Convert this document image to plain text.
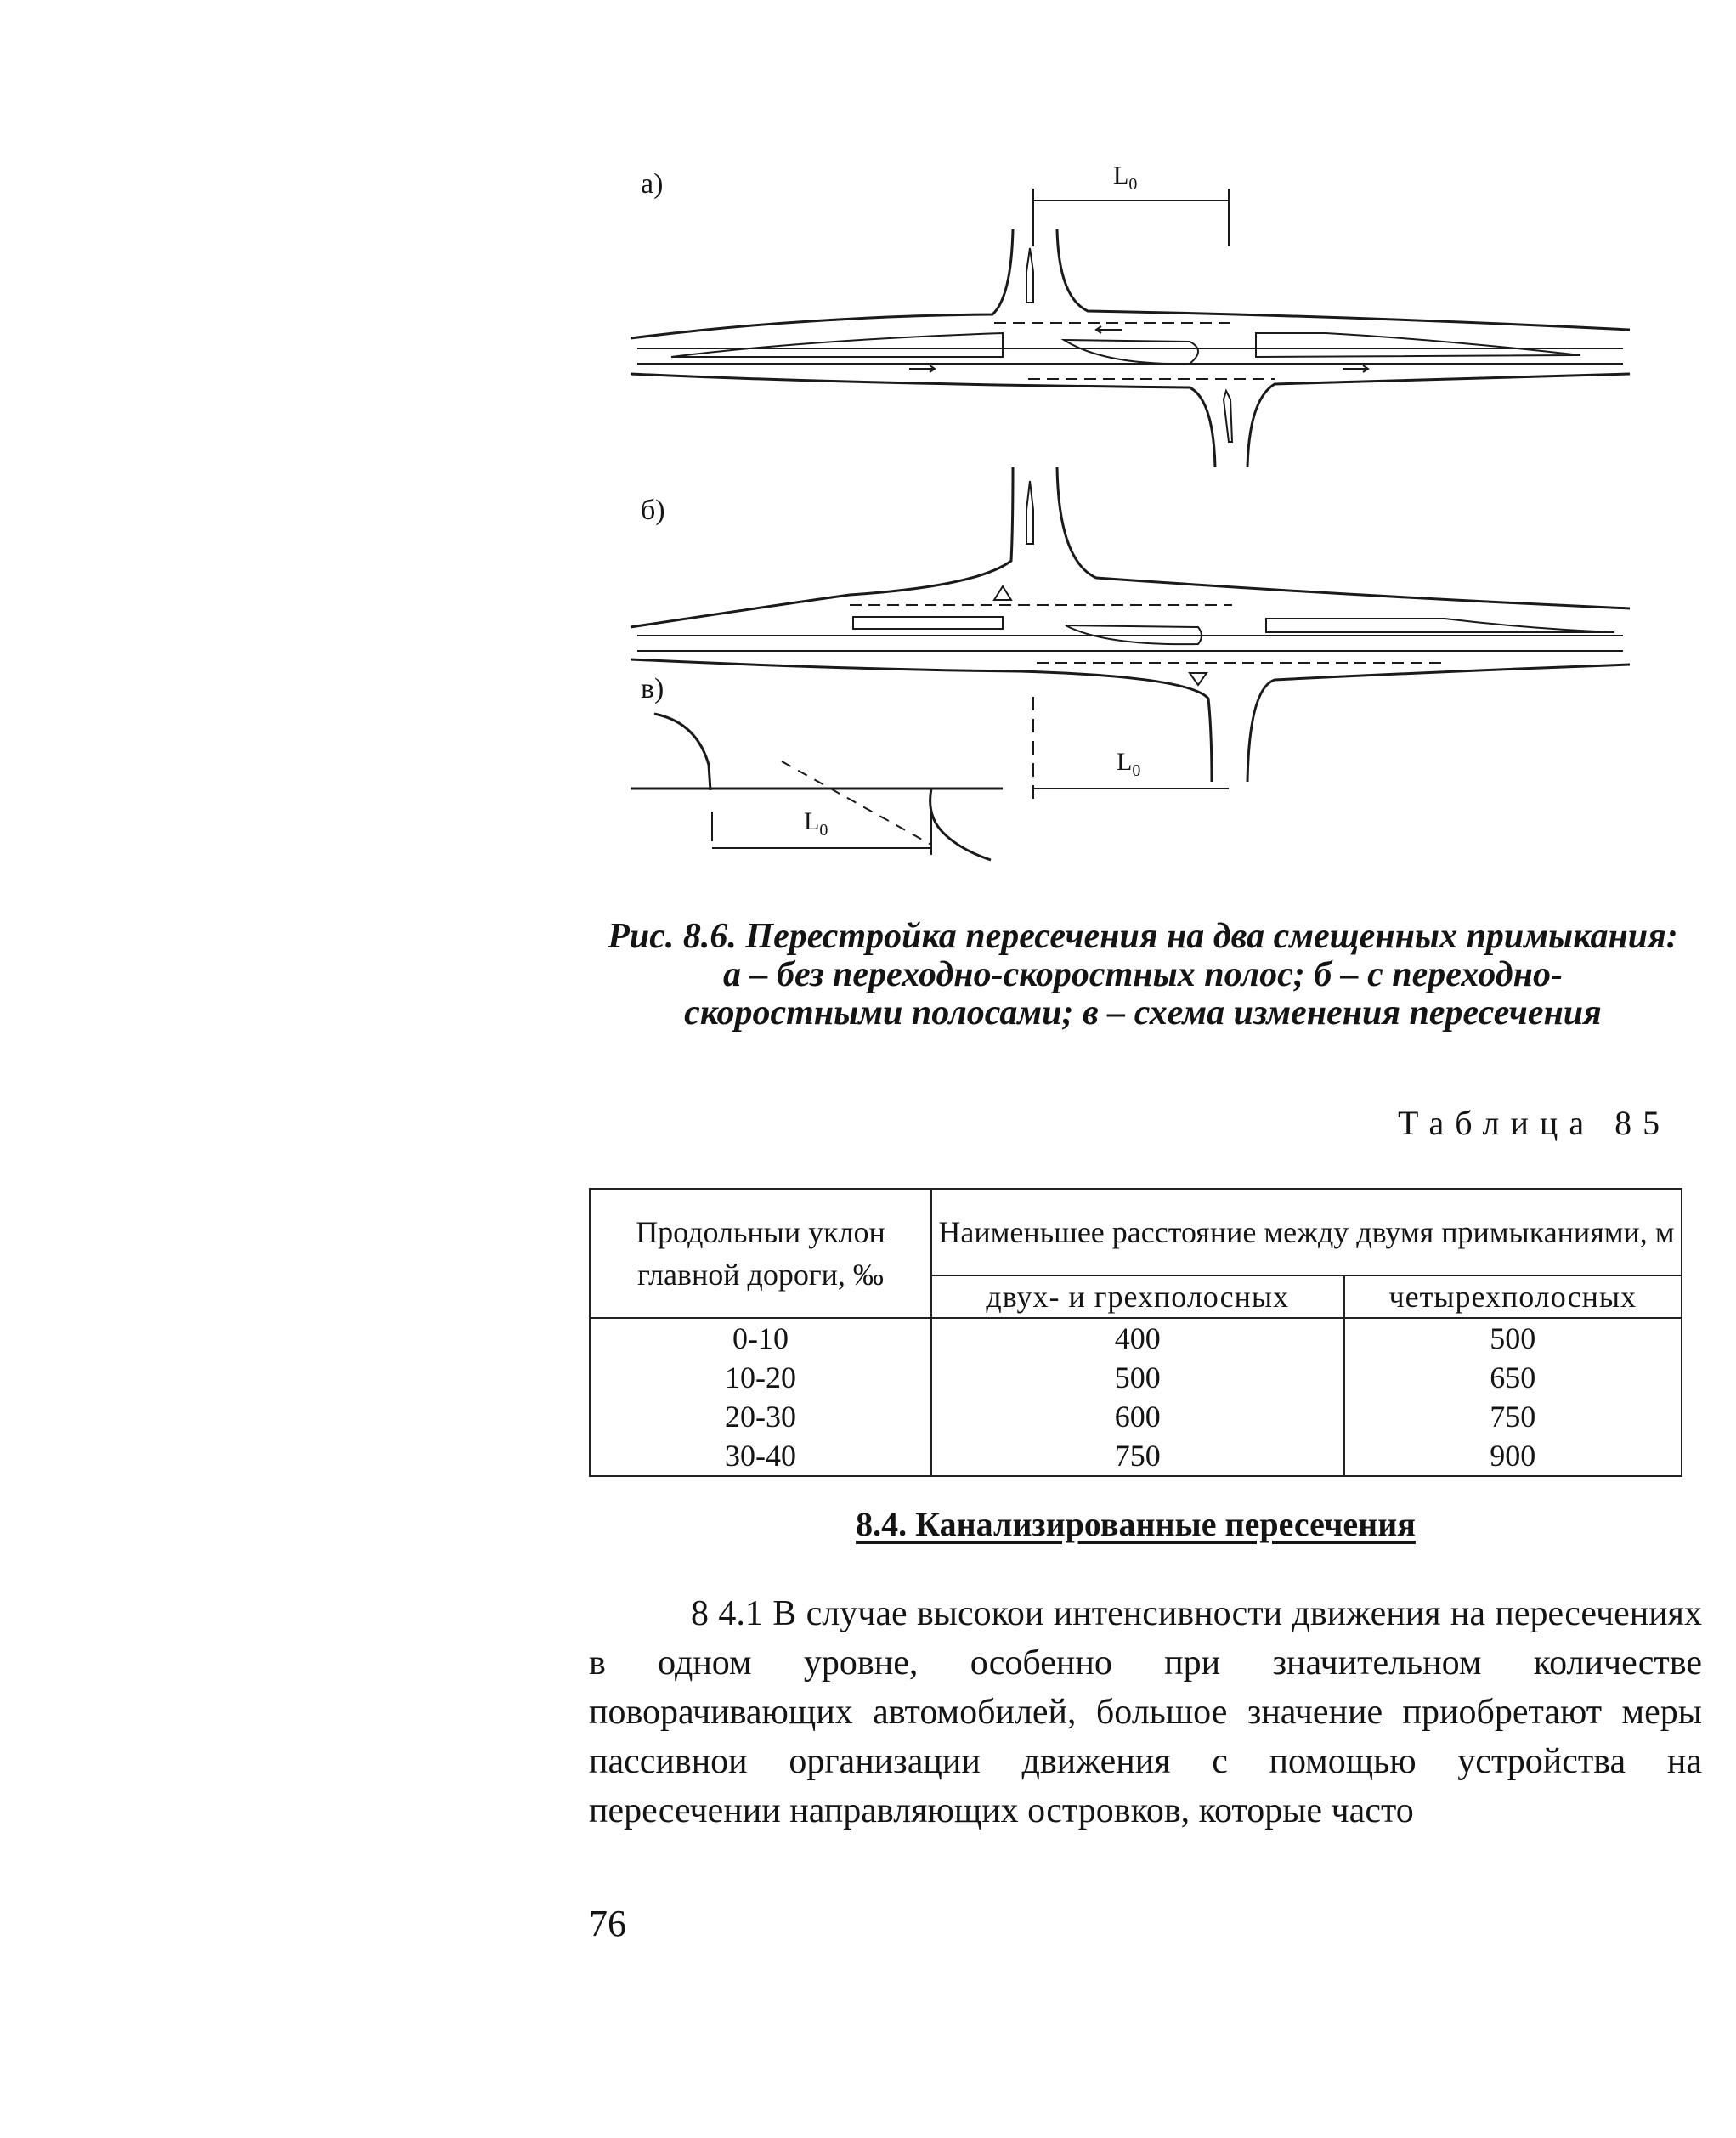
а)
б)
в)
$L_0$
$L_0$
$L_0$
Рис. 8.6. Перестройка пересечения на два смещенных примыкания:
а – без переходно-скоростных полос; б – с переходно-
скоростными полосами; в – схема изменения пересечения
Таблица 85
Продольныи уклон главной дороги, ‰	Наименьшее расстояние между двумя примыканиями, м	
	двух- и грехполосных	четырехполосных
0-10	400	500
10-20	500	650
20-30	600	750
30-40	750	900
8.4. Канализированные пересечения
8 4.1 В случае высокои интенсивности движения на пересечениях в одном уровне, особенно при значительном количестве поворачивающих автомобилей, большое значение приобретают меры пассивнои организации движения с помощью устройства на пересечении направляющих островков, которые часто
76
